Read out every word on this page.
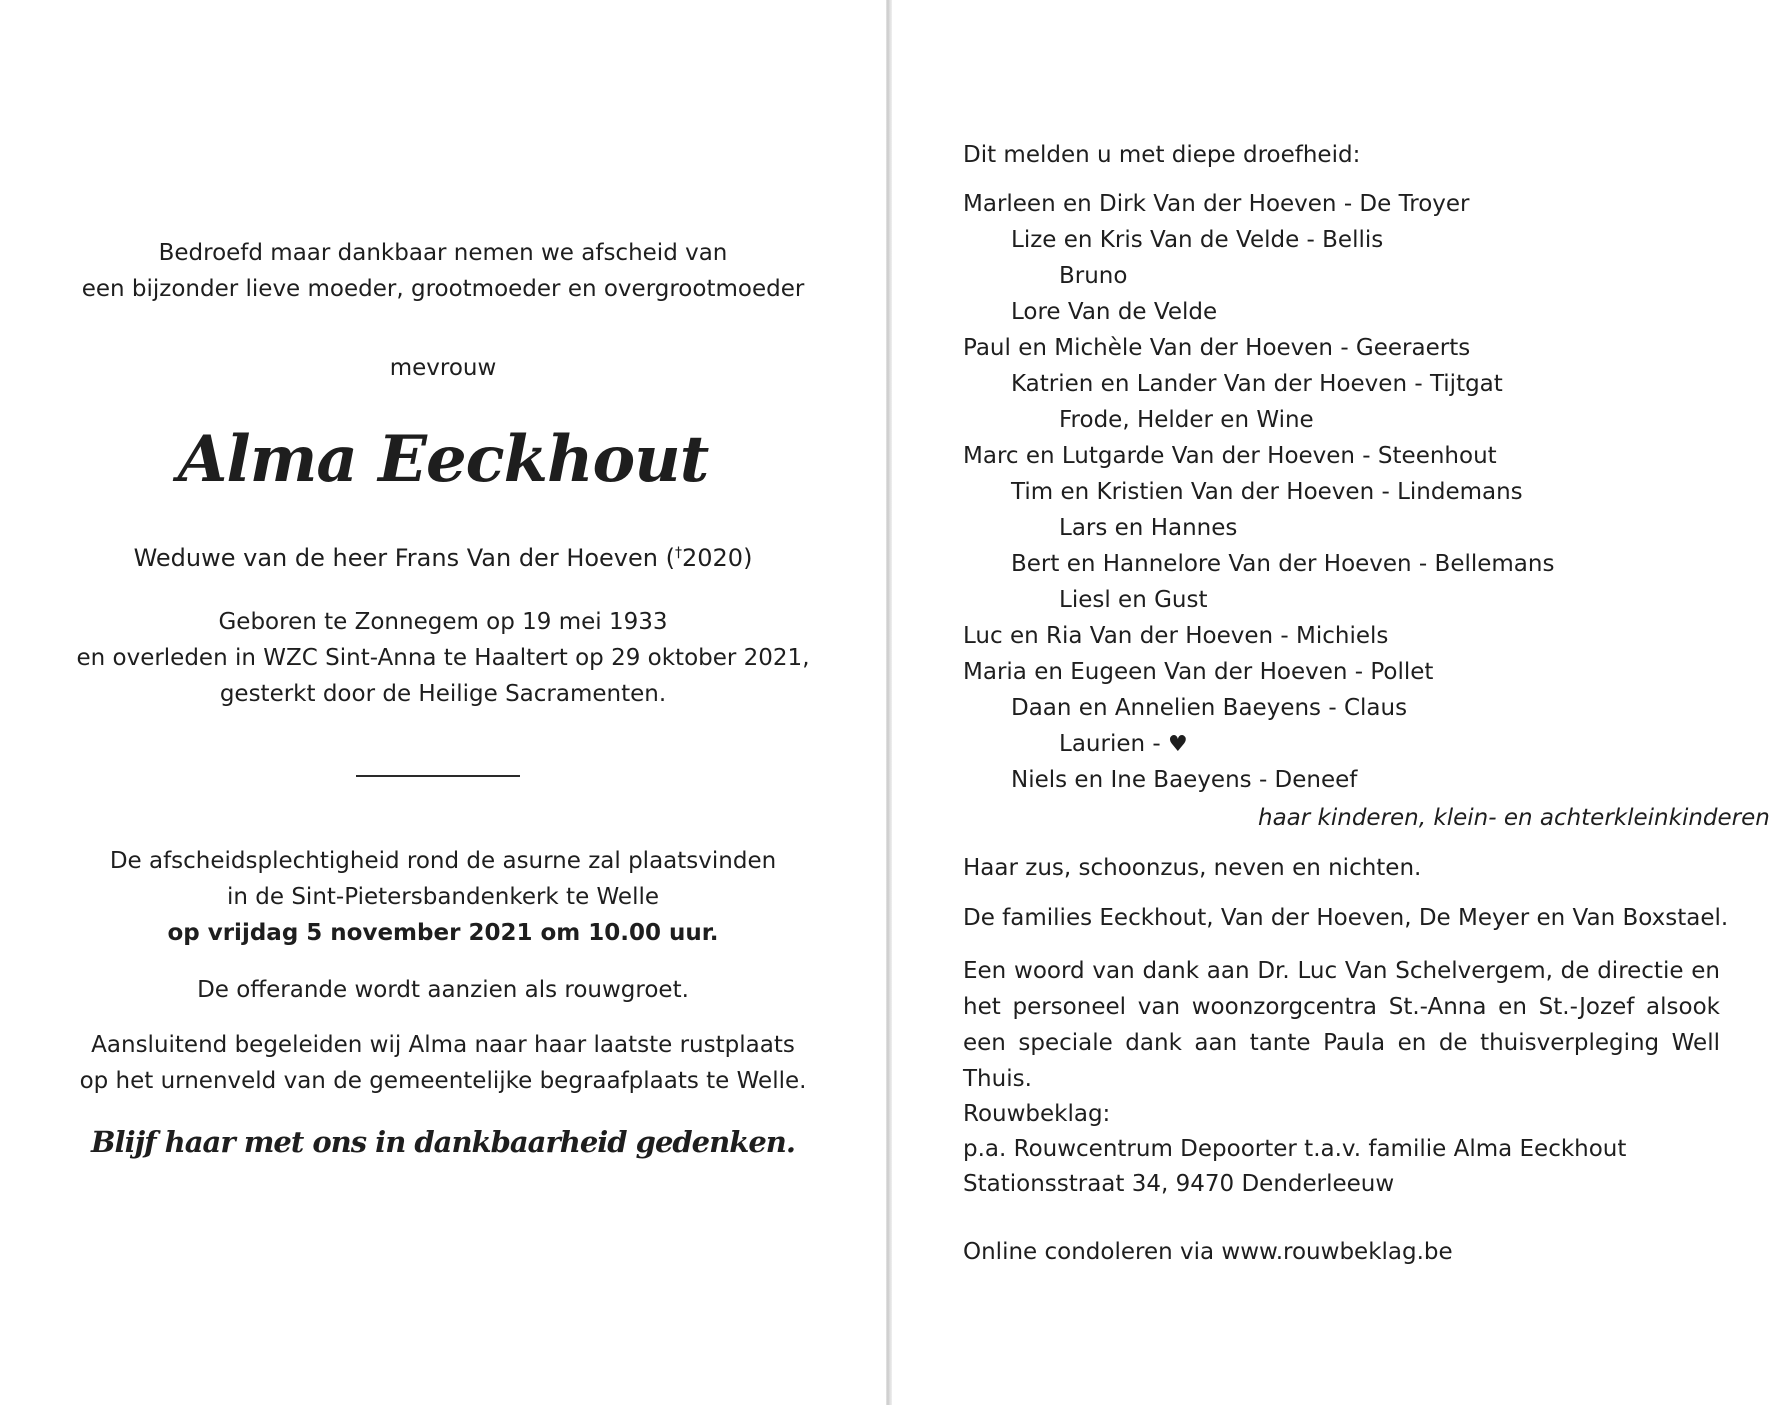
Bedroefd maar dankbaar nemen we afscheid van
een bijzonder lieve moeder, grootmoeder en overgrootmoeder
mevrouw
Alma Eeckhout
Weduwe van de heer Frans Van der Hoeven (†2020)
Geboren te Zonnegem op 19 mei 1933
en overleden in WZC Sint-Anna te Haaltert op 29 oktober 2021,
gesterkt door de Heilige Sacramenten.
De afscheidsplechtigheid rond de asurne zal plaatsvinden
in de Sint-Pietersbandenkerk te Welle
op vrijdag 5 november 2021 om 10.00 uur.
De offerande wordt aanzien als rouwgroet.
Aansluitend begeleiden wij Alma naar haar laatste rustplaats
op het urnenveld van de gemeentelijke begraafplaats te Welle.
Blijf haar met ons in dankbaarheid gedenken.
Dit melden u met diepe droefheid:
Marleen en Dirk Van der Hoeven - De Troyer
Lize en Kris Van de Velde - Bellis
Bruno
Lore Van de Velde
Paul en Michèle Van der Hoeven - Geeraerts
Katrien en Lander Van der Hoeven - Tijtgat
Frode, Helder en Wine
Marc en Lutgarde Van der Hoeven - Steenhout
Tim en Kristien Van der Hoeven - Lindemans
Lars en Hannes
Bert en Hannelore Van der Hoeven - Bellemans
Liesl en Gust
Luc en Ria Van der Hoeven - Michiels
Maria en Eugeen Van der Hoeven - Pollet
Daan en Annelien Baeyens - Claus
Laurien - ♥
Niels en Ine Baeyens - Deneef
haar kinderen, klein- en achterkleinkinderen
Haar zus, schoonzus, neven en nichten.
De families Eeckhout, Van der Hoeven, De Meyer en Van Boxstael.
Een woord van dank aan Dr. Luc Van Schelvergem, de directie en het personeel van woonzorgcentra St.-Anna en St.-Jozef alsook een speciale dank aan tante Paula en de thuisverpleging Well Thuis.
Rouwbeklag:
p.a. Rouwcentrum Depoorter t.a.v. familie Alma Eeckhout
Stationsstraat 34, 9470 Denderleeuw
Online condoleren via www.rouwbeklag.be
